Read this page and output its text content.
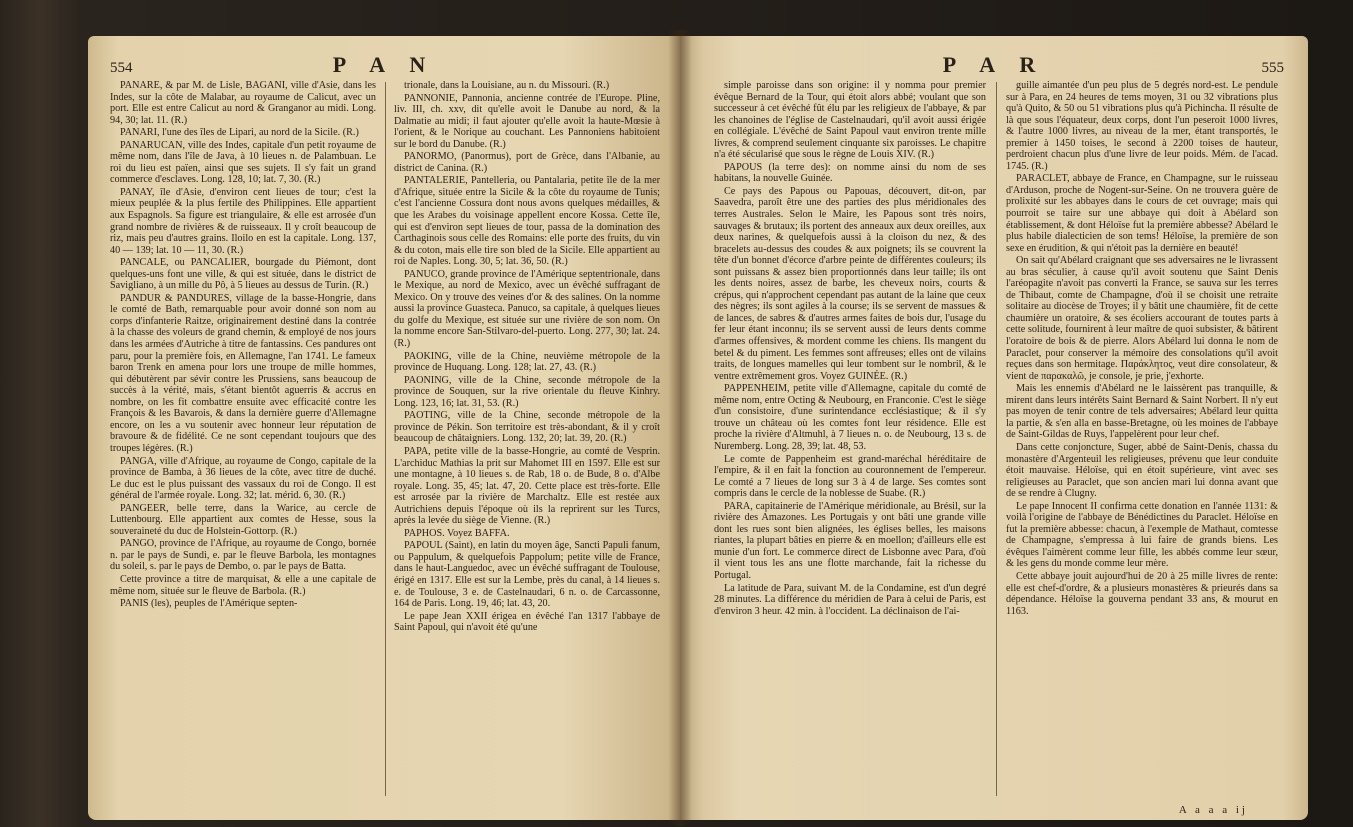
554	P A N

PANARE, & par M. de Lisle, BAGANI, ville d'Asie, dans les Indes, sur la côte de Malabar, au royaume de Calicut, avec un port. Elle est entre Calicut au nord & Granganor au midi. Long. 94, 30; lat. 11. (R.)

PANARI, l'une des îles de Lipari, au nord de la Sicile. (R.)

PANARUCAN, ville des Indes, capitale d'un petit royaume de même nom, dans l'île de Java, à 10 lieues n. de Palambuan. Le roi du lieu est païen, ainsi que ses sujets. Il s'y fait un grand commerce d'esclaves. Long. 128, 10; lat. 7, 30. (R.)

PANAY, île d'Asie, d'environ cent lieues de tour; c'est la mieux peuplée & la plus fertile des Philippines. Elle appartient aux Espagnols. Sa figure est triangulaire, & elle est arrosée d'un grand nombre de rivières & de ruisseaux. Il y croît beaucoup de riz, mais peu d'autres grains. Iloilo en est la capitale. Long. 137, 40 — 139; lat. 10 — 11, 30. (R.)

PANCALE, ou PANCALIER, bourgade du Piémont, dont quelques-uns font une ville, & qui est située, dans le district de Savigliano, à un mille du Pô, à 5 lieues au dessus de Turin. (R.)

PANDUR & PANDURES, village de la basse-Hongrie, dans le comté de Bath, remarquable pour avoir donné son nom au corps d'infanterie Raitze, originairement destiné dans la contrée à la chasse des voleurs de grand chemin, & employé de nos jours dans les armées d'Autriche à titre de fantassins. Ces pandures ont paru, pour la première fois, en Allemagne, l'an 1741. Le fameux baron Trenk en amena pour lors une troupe de mille hommes, qui débutèrent par sévir contre les Prussiens, sans beaucoup de succès à la vérité, mais, s'étant bientôt aguerris & accrus en nombre, on les fit combattre ensuite avec efficacité contre les François & les Bavarois, & dans la dernière guerre d'Allemagne encore, on les a vu soutenir avec honneur leur réputation de bravoure & de fidélité. Ce ne sont cependant toujours que des troupes légères. (R.)

PANGA, ville d'Afrique, au royaume de Congo, capitale de la province de Bamba, à 36 lieues de la côte, avec titre de duché. Le duc est le plus puissant des vassaux du roi de Congo. Il est général de l'armée royale. Long. 32; lat. mérid. 6, 30. (R.)

PANGEER, belle terre, dans la Warice, au cercle de Luttenbourg. Elle appartient aux comtes de Hesse, sous la souveraineté du duc de Holstein-Gottorp. (R.)

PANGO, province de l'Afrique, au royaume de Congo, bornée n. par le pays de Sundi, e. par le fleuve Barbola, les montagnes du soleil, s. par le pays de Dembo, o. par le pays de Batta.

Cette province a titre de marquisat, & elle a une capitale de même nom, située sur le fleuve de Barbola. (R.)

PANIS (les), peuples de l'Amérique septen-

trionale, dans la Louisiane, au n. du Missouri. (R.)

PANNONIE, Pannonia, ancienne contrée de l'Europe. Pline, liv. III, ch. xxv, dit qu'elle avoit le Danube au nord, & la Dalmatie au midi; il faut ajouter qu'elle avoit la haute-Mœsie à l'orient, & le Norique au couchant. Les Pannoniens habitoient sur le bord du Danube. (R.)

PANORMO, (Panormus), port de Grèce, dans l'Albanie, au district de Canina. (R.)

PANTALERIE, Pantelleria, ou Pantalaria, petite île de la mer d'Afrique, située entre la Sicile & la côte du royaume de Tunis; c'est l'ancienne Cossura dont nous avons quelques médailles, & que les Arabes du voisinage appellent encore Kossa. Cette île, qui est d'environ sept lieues de tour, passa de la domination des Carthaginois sous celle des Romains: elle porte des fruits, du vin & du coton, mais elle tire son bled de la Sicile. Elle appartient au roi de Naples. Long. 30, 5; lat. 36, 50. (R.)

PANUCO, grande province de l'Amérique septentrionale, dans le Mexique, au nord de Mexico, avec un évêché suffragant de Mexico. On y trouve des veines d'or & des salines. On la nomme aussi la province Guasteca. Panuco, sa capitale, à quelques lieues du golfe du Mexique, est située sur une rivière de son nom. On la nomme encore San-Stilvaro-del-puerto. Long. 277, 30; lat. 24. (R.)

PAOKING, ville de la Chine, neuvième métropole de la province de Huquang. Long. 128; lat. 27, 43. (R.)

PAONING, ville de la Chine, seconde métropole de la province de Souquen, sur la rive orientale du fleuve Kinhry. Long. 123, 16; lat. 31, 53. (R.)

PAOTING, ville de la Chine, seconde métropole de la province de Pékin. Son territoire est très-abondant, & il y croît beaucoup de châtaigniers. Long. 132, 20; lat. 39, 20. (R.)

PAPA, petite ville de la basse-Hongrie, au comté de Vesprin. L'archiduc Mathias la prit sur Mahomet III en 1597. Elle est sur une montagne, à 10 lieues s. de Rab, 18 o. de Bude, 8 o. d'Albe royale. Long. 35, 45; lat. 47, 20. Cette place est très-forte. Elle est arrosée par la rivière de Marchaltz. Elle est restée aux Autrichiens depuis l'époque où ils la reprirent sur les Turcs, après la levée du siège de Vienne. (R.)

PAPHOS. Voyez BAFFA.

PAPOUL (Saint), en latin du moyen âge, Sancti Papuli fanum, ou Pappulum, & quelquefois Pappolum; petite ville de France, dans le haut-Languedoc, avec un évêché suffragant de Toulouse, érigé en 1317. Elle est sur la Lembe, près du canal, à 14 lieues s. e. de Toulouse, 3 e. de Castelnaudari, 6 n. o. de Carcassonne, 164 de Paris. Long. 19, 46; lat. 43, 20.

Le pape Jean XXII érigea en évêché l'an 1317 l'abbaye de Saint Papoul, qui n'avoit été qu'une

P A R	555

simple paroisse dans son origine: il y nomma pour premier évêque Bernard de la Tour, qui étoit alors abbé; voulant que son successeur à cet évêché fût élu par les religieux de l'abbaye, & par les chanoines de l'église de Castelnaudari, qu'il avoit aussi érigée en collégiale. L'évêché de Saint Papoul vaut environ trente mille livres, & comprend seulement cinquante six paroisses. Le chapitre n'a été sécularisé que sous le règne de Louis XIV. (R.)

PAPOUS (la terre des): on nomme ainsi du nom de ses habitans, la nouvelle Guinée.

Ce pays des Papous ou Papouas, découvert, dit-on, par Saavedra, paroît être une des parties des plus méridionales des terres Australes. Selon le Maire, les Papous sont très noirs, sauvages & brutaux; ils portent des anneaux aux deux oreilles, aux deux narines, & quelquefois aussi à la cloison du nez, & des bracelets au-dessus des coudes & aux poignets; ils se couvrent la tête d'un bonnet d'écorce d'arbre peinte de différentes couleurs; ils sont puissans & assez bien proportionnés dans leur taille; ils ont les dents noires, assez de barbe, les cheveux noirs, courts & crépus, qui n'approchent cependant pas autant de la laine que ceux des nègres; ils sont agiles à la course; ils se servent de massues & de lances, de sabres & d'autres armes faites de bois dur, l'usage du fer leur étant inconnu; ils se servent aussi de leurs dents comme d'armes offensives, & mordent comme les chiens. Ils mangent du betel & du piment. Les femmes sont affreuses; elles ont de vilains traits, de longues mamelles qui leur tombent sur le nombril, & le ventre extrêmement gros. Voyez GUINÉE. (R.)

PAPPENHEIM, petite ville d'Allemagne, capitale du comté de même nom, entre Octing & Neubourg, en Franconie. C'est le siège d'un consistoire, d'une surintendance ecclésiastique; & il s'y trouve un château où les comtes font leur résidence. Elle est proche la rivière d'Altmuhl, à 7 lieues n. o. de Neubourg, 13 s. de Nuremberg. Long. 28, 39; lat. 48, 53.

Le comte de Pappenheim est grand-maréchal héréditaire de l'empire, & il en fait la fonction au couronnement de l'empereur. Le comté a 7 lieues de long sur 3 à 4 de large. Ses comtes sont compris dans le cercle de la noblesse de Suabe. (R.)

PARA, capitainerie de l'Amérique méridionale, au Brésil, sur la rivière des Amazones. Les Portugais y ont bâti une grande ville dont les rues sont bien alignées, les églises belles, les maisons riantes, la plupart bâties en pierre & en moellon; d'ailleurs elle est munie d'un fort. Le commerce direct de Lisbonne avec Para, d'où il vient tous les ans une flotte marchande, fait la richesse du Portugal.

La latitude de Para, suivant M. de la Condamine, est d'un degré 28 minutes. La différence du méridien de Para à celui de Paris, est d'environ 3 heur. 42 min. à l'occident. La déclinaison de l'ai-

guille aimantée d'un peu plus de 5 degrés nord-est. Le pendule sur à Para, en 24 heures de tems moyen, 31 ou 32 vibrations plus qu'à Quito, & 50 ou 51 vibrations plus qu'à Pichincha. Il résulte de là que sous l'équateur, deux corps, dont l'un peseroit 1000 livres, & l'autre 1000 livres, au niveau de la mer, étant transportés, le premier à 1450 toises, le second à 2200 toises de hauteur, perdroient chacun plus d'une livre de leur poids. Mém. de l'acad. 1745. (R.)

PARACLET, abbaye de France, en Champagne, sur le ruisseau d'Arduson, proche de Nogent-sur-Seine. On ne trouvera guère de prolixité sur les abbayes dans le cours de cet ouvrage; mais qui pourroit se taire sur une abbaye qui doit à Abélard son établissement, & dont Héloïse fut la première abbesse? Abélard le plus habile dialecticien de son tems! Héloïse, la première de son sexe en érudition, & qui n'étoit pas la dernière en beauté!

On sait qu'Abélard craignant que ses adversaires ne le livrassent au bras séculier, à cause qu'il avoit soutenu que Saint Denis l'aréopagite n'avoit pas converti la France, se sauva sur les terres de Thibaut, comte de Champagne, d'où il se choisit une retraite solitaire au diocèse de Troyes; il y bâtit une chaumière, fit de cette chaumière un oratoire, & ses écoliers accourant de toutes parts à cette solitude, fournirent à leur maître de quoi subsister, & bâtirent l'oratoire de bois & de pierre. Alors Abélard lui donna le nom de Paraclet, pour conserver la mémoire des consolations qu'il avoit reçues dans son hermitage. Παράκλητος, veut dire consolateur, & vient de παρακαλῶ, je console, je prie, j'exhorte.

Mais les ennemis d'Abélard ne le laissèrent pas tranquille, & mirent dans leurs intérêts Saint Bernard & Saint Norbert. Il n'y eut pas moyen de tenir contre de tels adversaires; Abélard leur quitta la partie, & s'en alla en basse-Bretagne, où les moines de l'abbaye de Saint-Gildas de Ruys, l'appelèrent pour leur chef.

Dans cette conjoncture, Suger, abbé de Saint-Denis, chassa du monastère d'Argenteuil les religieuses, prévenu que leur conduite étoit mauvaise. Héloïse, qui en étoit supérieure, vint avec ses religieuses au Paraclet, que son ancien mari lui donna avant que de se rendre à Clugny.

Le pape Innocent II confirma cette donation en l'année 1131: & voilà l'origine de l'abbaye de Bénédictines du Paraclet. Héloïse en fut la première abbesse: chacun, à l'exemple de Mathaut, comtesse de Champagne, s'empressa à lui faire de grands biens. Les évêques l'aimèrent comme leur fille, les abbés comme leur sœur, & les gens du monde comme leur mère.

Cette abbaye jouit aujourd'hui de 20 à 25 mille livres de rente: elle est chef-d'ordre, & a plusieurs monastères & prieurés dans sa dépendance. Héloïse la gouverna pendant 33 ans, & mourut en 1163.

A a a a ij
